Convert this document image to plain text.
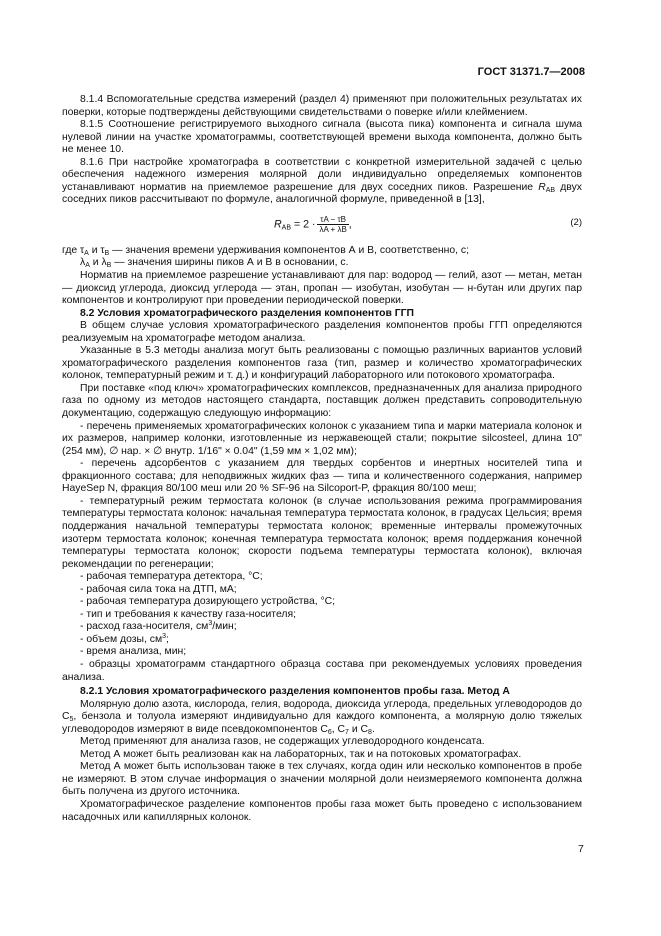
ГОСТ 31371.7—2008

8.1.4 Вспомогательные средства измерений (раздел 4) применяют при положительных результатах их поверки, которые подтверждены действующими свидетельствами о поверке и/или клеймением.

8.1.5 Соотношение регистрируемого выходного сигнала (высота пика) компонента и сигнала шума нулевой линии на участке хроматограммы, соответствующей времени выхода компонента, должно быть не менее 10.

8.1.6 При настройке хроматографа в соответствии с конкретной измерительной задачей с целью обеспечения надежного измерения молярной доли индивидуально определяемых компонентов устанавливают норматив на приемлемое разрешение для двух соседних пиков. Разрешение $R_{AB}$ двух соседних пиков рассчитывают по формуле, аналогичной формуле, приведенной в [13],

$R_{AB} = 2 \cdot \frac{\tau A - \tau B}{\lambda A + \lambda B}$ ,	(2)

где $\tau_A$ и $\tau_B$ — значения времени удерживания компонентов А и В, соответственно, с;

$\lambda_A$ и $\lambda_B$ — значения ширины пиков А и В в основании, с.

Норматив на приемлемое разрешение устанавливают для пар: водород — гелий, азот — метан, метан — диоксид углерода, диоксид углерода — этан, пропан — изобутан, изобутан — н-бутан или других пар компонентов и контролируют при проведении периодической поверки.

8.2 Условия хроматографического разделения компонентов ГГП

В общем случае условия хроматографического разделения компонентов пробы ГГП определяются реализуемым на хроматографе методом анализа.

Указанные в 5.3 методы анализа могут быть реализованы с помощью различных вариантов условий хроматографического разделения компонентов газа (тип, размер и количество хроматографических колонок, температурный режим и т. д.) и конфигураций лабораторного или потокового хроматографа.

При поставке «под ключ» хроматографических комплексов, предназначенных для анализа природного газа по одному из методов настоящего стандарта, поставщик должен представить сопроводительную документацию, содержащую следующую информацию:

- перечень применяемых хроматографических колонок с указанием типа и марки материала колонок и их размеров, например колонки, изготовленные из нержавеющей стали; покрытие silcosteel, длина 10" (254 мм), ∅ нар. × ∅ внутр. 1/16" × 0.04" (1,59 мм × 1,02 мм);

- перечень адсорбентов с указанием для твердых сорбентов и инертных носителей типа и фракционного состава; для неподвижных жидких фаз — типа и количественного содержания, например HayeSep N, фракция 80/100 меш или 20 % SF-96 на Silcoport-P, фракция 80/100 меш;

- температурный режим термостата колонок (в случае использования режима программирования температуры термостата колонок: начальная температура термостата колонок, в градусах Цельсия; время поддержания начальной температуры термостата колонок; временные интервалы промежуточных изотерм термостата колонок; конечная температура термостата колонок; время поддержания конечной температуры термостата колонок; скорости подъема температуры термостата колонок), включая рекомендации по регенерации;

- рабочая температура детектора, °С;

- рабочая сила тока на ДТП, мА;

- рабочая температура дозирующего устройства, °С;

- тип и требования к качеству газа-носителя;

- расход газа-носителя, $см^3$/мин;

- объем дозы, $см^3$;

- время анализа, мин;

- образцы хроматограмм стандартного образца состава при рекомендуемых условиях проведения анализа.

8.2.1 Условия хроматографического разделения компонентов пробы газа. Метод А

Молярную долю азота, кислорода, гелия, водорода, диоксида углерода, предельных углеводородов до $С_5$, бензола и толуола измеряют индивидуально для каждого компонента, а молярную долю тяжелых углеводородов измеряют в виде псевдокомпонентов $С_6$, $С_7$ и $С_8$.

Метод применяют для анализа газов, не содержащих углеводородного конденсата.

Метод А может быть реализован как на лабораторных, так и на потоковых хроматографах.

Метод А может быть использован также в тех случаях, когда один или несколько компонентов в пробе не измеряют. В этом случае информация о значении молярной доли неизмеряемого компонента должна быть получена из другого источника.

Хроматографическое разделение компонентов пробы газа может быть проведено с использованием насадочных или капиллярных колонок.

7
